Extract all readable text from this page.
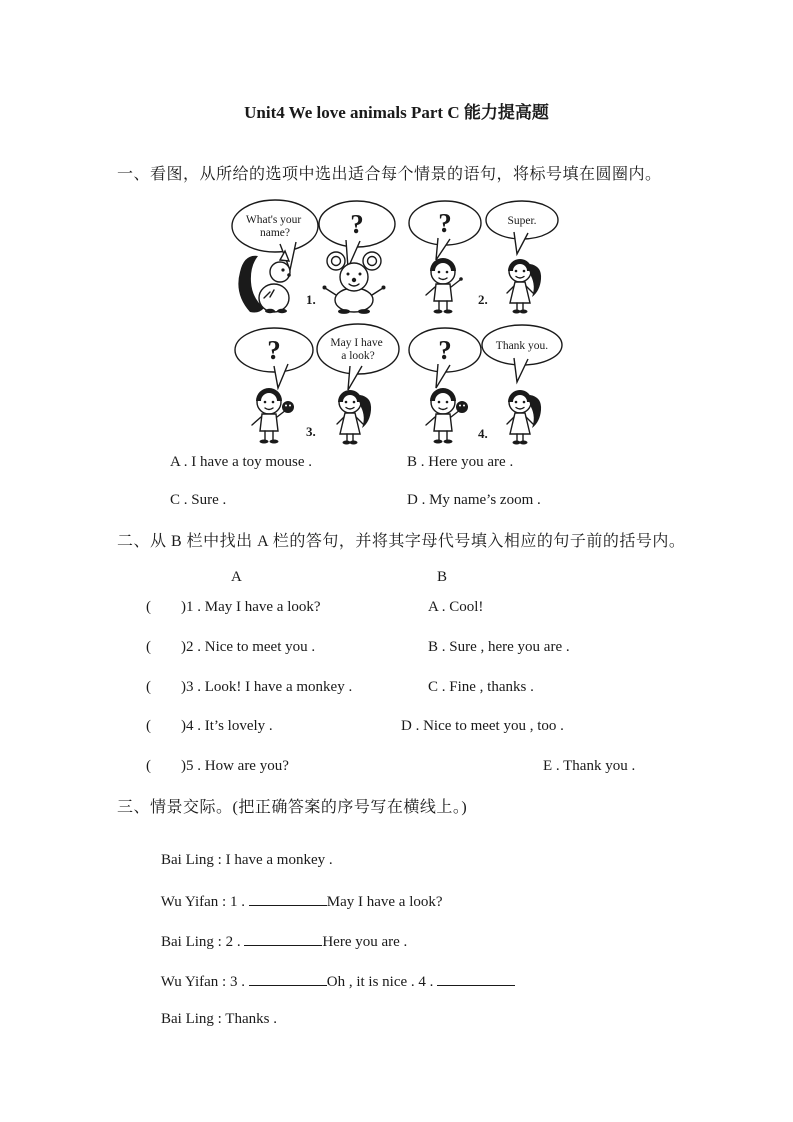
Unit4 We love animals Part C 能力提高题
一、看图，从所给的选项中选出适合每个情景的语句，将标号填在圆圈内。
What's your name?	?
1.
?	Super.
2.
?	May I have a look?
3.
?	Thank you.
4.
A . I have a toy mouse .	B . Here you are .
C . Sure .	D . My name’s zoom .
二、从 B 栏中找出 A 栏的答句，并将其字母代号填入相应的句子前的括号内。
A	B
(        )1 . May I have a look?	A . Cool!
(        )2 . Nice to meet you .	B . Sure , here you are .
(        )3 . Look! I have a monkey .	C . Fine , thanks .
(        )4 . It’s lovely .	D . Nice to meet you , too .
(        )5 . How are you?	E . Thank you .
三、情景交际。(把正确答案的序号写在横线上。)

Bai Ling : I have a monkey .

Wu Yifan : 1 .	May I have a look?

Bai Ling : 2 .	Here you are .

Wu Yifan : 3 .	Oh , it is nice . 4 .

Bai Ling : Thanks .
